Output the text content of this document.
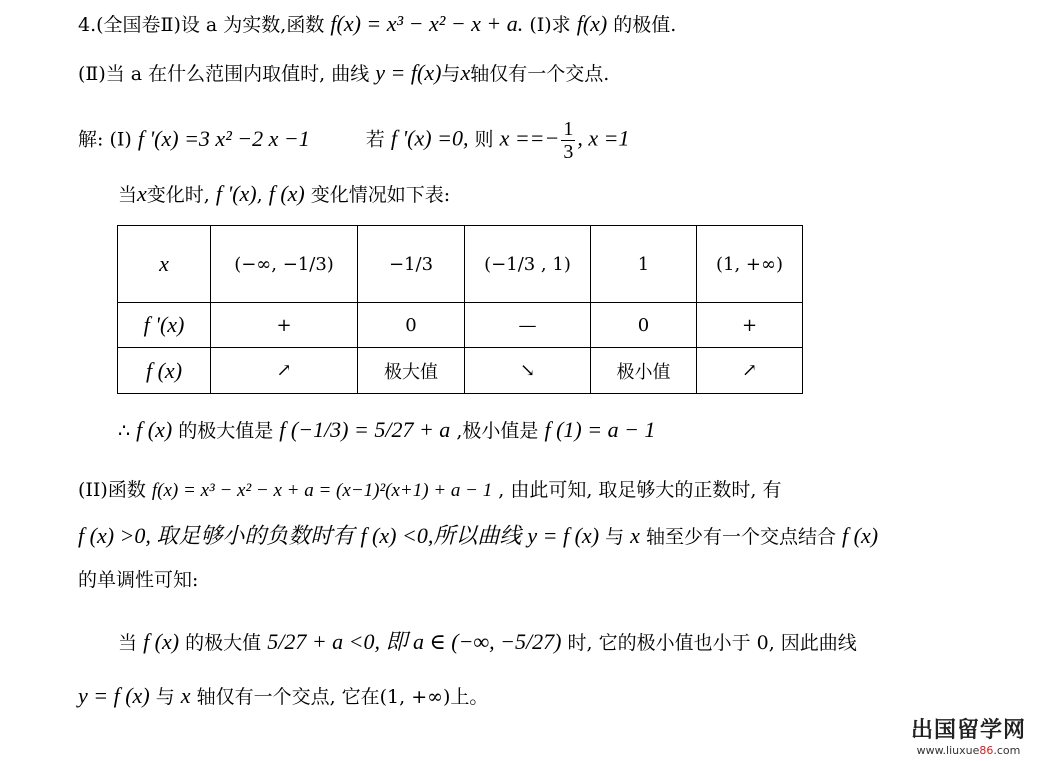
4.(全国卷Ⅱ)设 a 为实数,函数 f(x) = x³ − x² − x + a. (Ⅰ)求 f(x) 的极值.
(Ⅱ)当 a 在什么范围内取值时, 曲线 y = f(x)与x轴仅有一个交点.
解: (I) f '(x) =3 x² −2 x −1	若 f '(x) =0, 则 x ==− $\frac{1}{3}$ , x =1
当x变化时, f '(x), f (x) 变化情况如下表:
x	(−∞, −1/3)	−1/3	(−1/3 , 1)	1	(1, +∞)
f '(x)	+	0	—	0	+
f (x)	↗	极大值	↘	极小值	↗
∴ f (x) 的极大值是 f (−1/3) = 5/27 + a ,极小值是 f (1) = a − 1
(II)函数 f(x) = x³ − x² − x + a = (x−1)²(x+1) + a − 1 , 由此可知, 取足够大的正数时, 有
f (x) >0, 取足够小的负数时有 f (x) <0,所以曲线 y = f (x) 与 x 轴至少有一个交点结合 f (x)
的单调性可知:
当 f (x) 的极大值 5/27 + a <0, 即 a ∈ (−∞, −5/27) 时, 它的极小值也小于 0, 因此曲线
y = f (x) 与 x 轴仅有一个交点, 它在(1, +∞)上。
出国留学网
www.liuxue86.com
